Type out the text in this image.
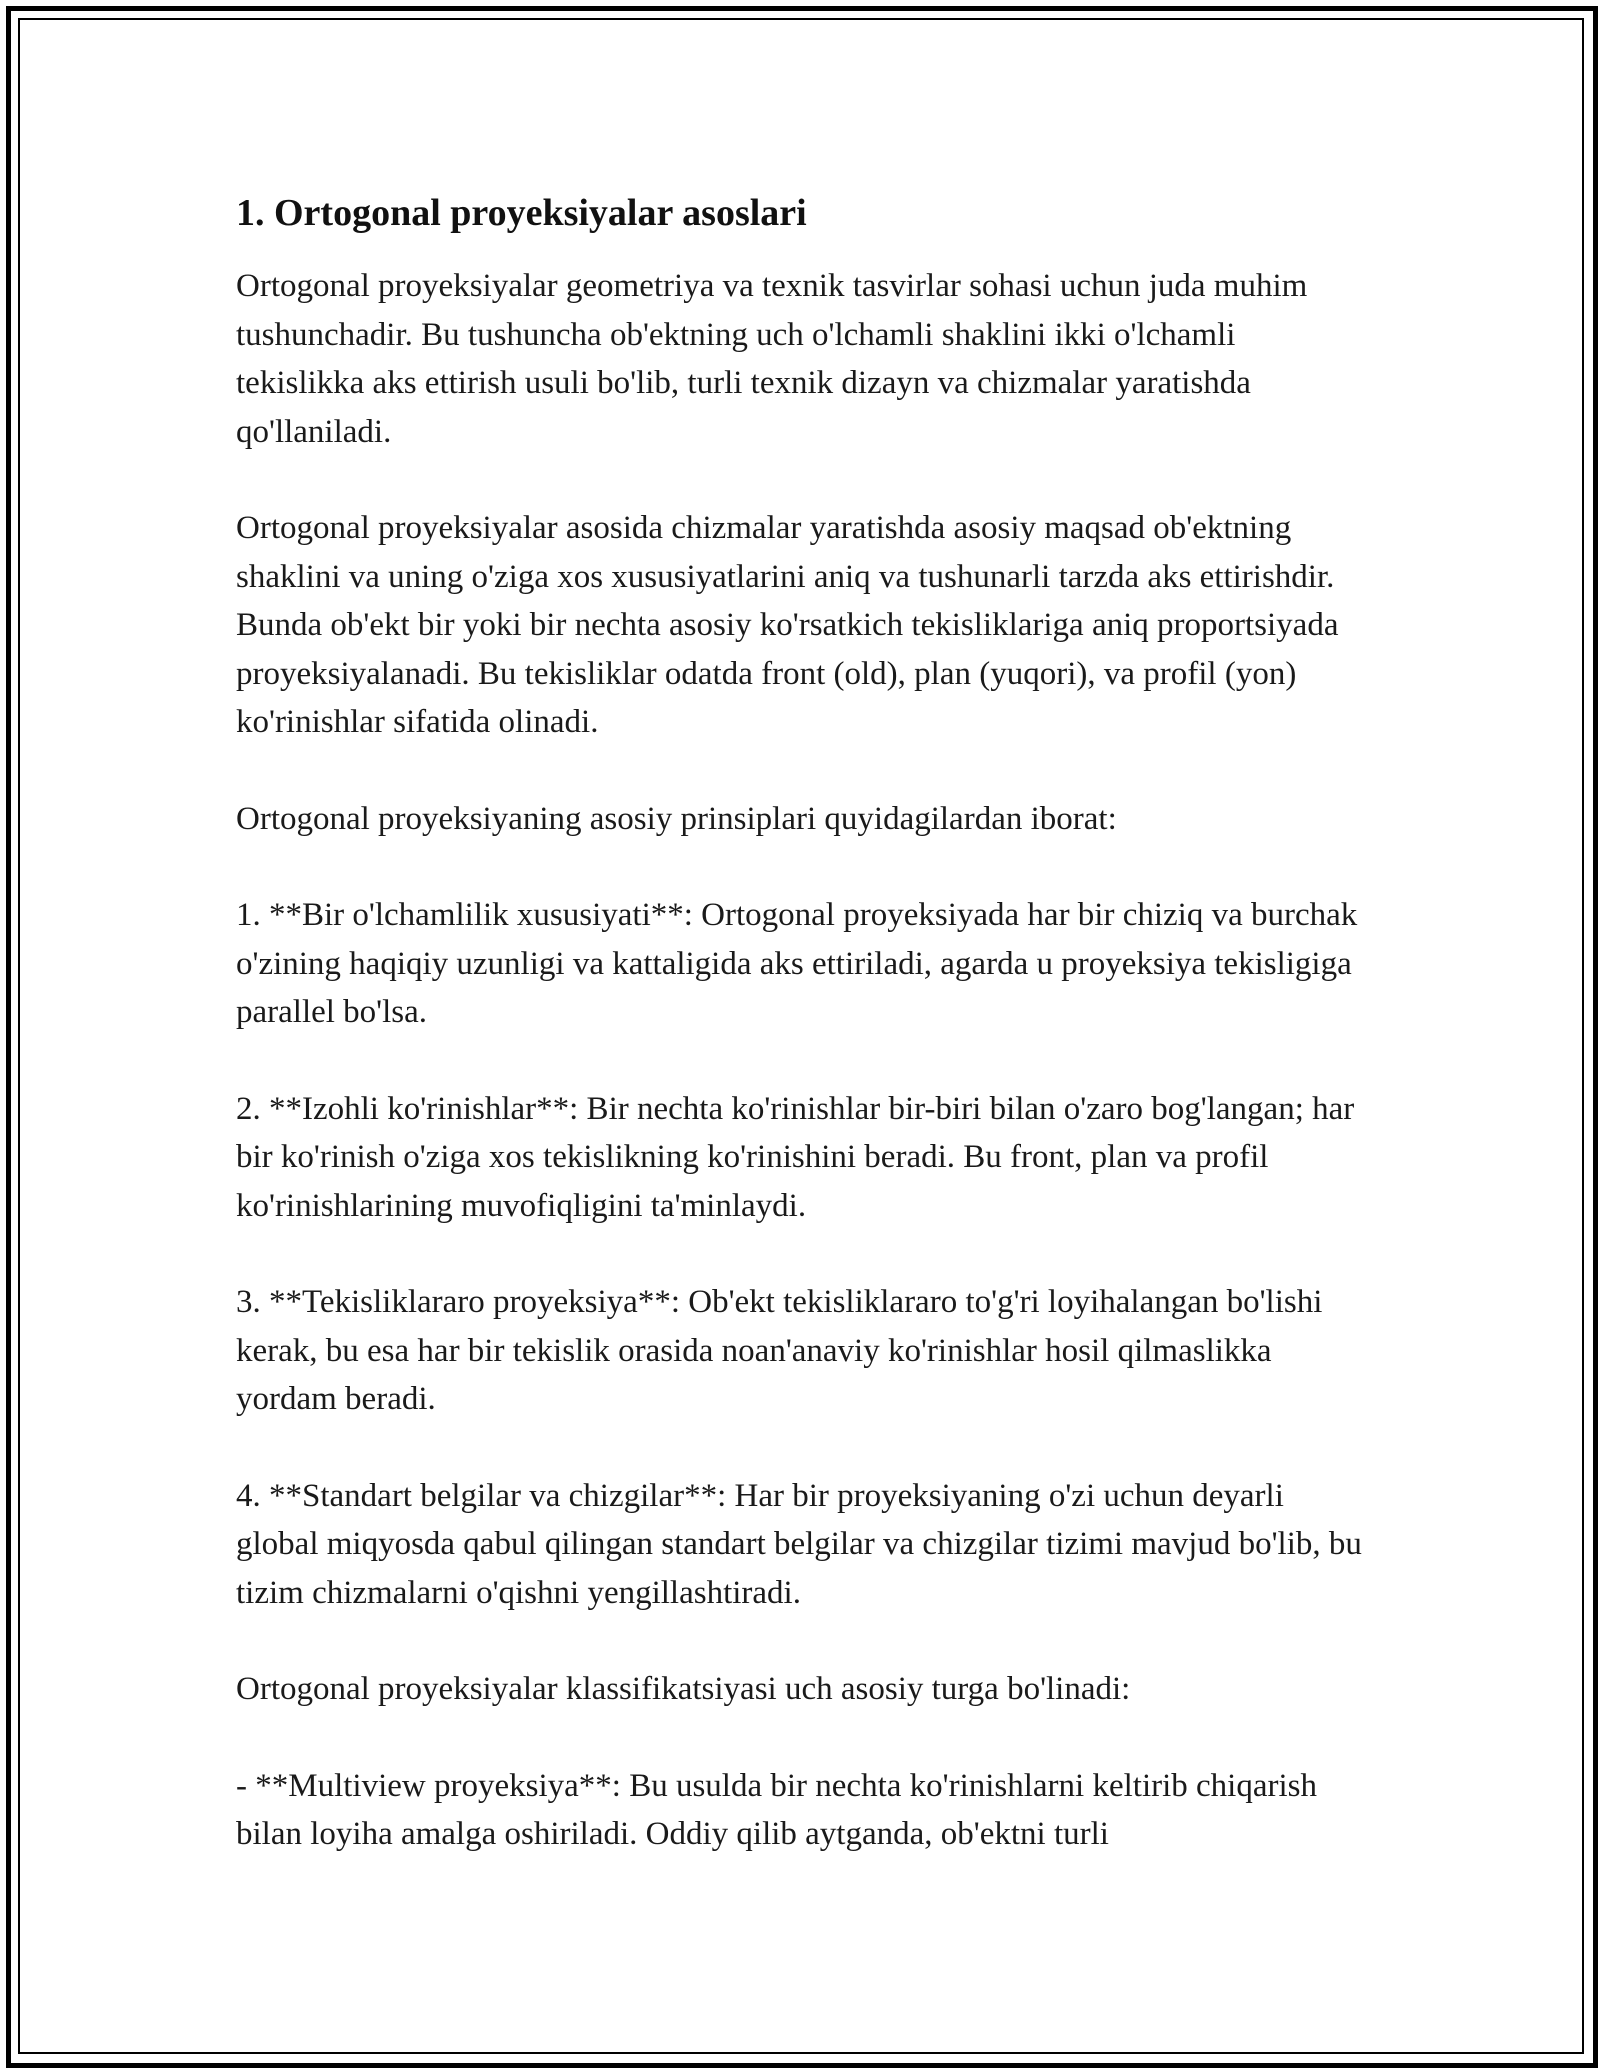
1. Ortogonal proyeksiyalar asoslari

Ortogonal proyeksiyalar geometriya va texnik tasvirlar sohasi uchun juda muhim tushunchadir. Bu tushuncha ob'ektning uch o'lchamli shaklini ikki o'lchamli tekislikka aks ettirish usuli bo'lib, turli texnik dizayn va chizmalar yaratishda qo'llaniladi.

Ortogonal proyeksiyalar asosida chizmalar yaratishda asosiy maqsad ob'ektning shaklini va uning o'ziga xos xususiyatlarini aniq va tushunarli tarzda aks ettirishdir. Bunda ob'ekt bir yoki bir nechta asosiy ko'rsatkich tekisliklariga aniq proportsiyada proyeksiyalanadi. Bu tekisliklar odatda front (old), plan (yuqori), va profil (yon) ko'rinishlar sifatida olinadi.

Ortogonal proyeksiyaning asosiy prinsiplari quyidagilardan iborat:

1. **Bir o'lchamlilik xususiyati**: Ortogonal proyeksiyada har bir chiziq va burchak o'zining haqiqiy uzunligi va kattaligida aks ettiriladi, agarda u proyeksiya tekisligiga parallel bo'lsa.

2. **Izohli ko'rinishlar**: Bir nechta ko'rinishlar bir-biri bilan o'zaro bog'langan; har bir ko'rinish o'ziga xos tekislikning ko'rinishini beradi. Bu front, plan va profil ko'rinishlarining muvofiqligini ta'minlaydi.

3. **Tekisliklararo proyeksiya**: Ob'ekt tekisliklararo to'g'ri loyihalangan bo'lishi kerak, bu esa har bir tekislik orasida noan'anaviy ko'rinishlar hosil qilmaslikka yordam beradi.

4. **Standart belgilar va chizgilar**: Har bir proyeksiyaning o'zi uchun deyarli global miqyosda qabul qilingan standart belgilar va chizgilar tizimi mavjud bo'lib, bu tizim chizmalarni o'qishni yengillashtiradi.

Ortogonal proyeksiyalar klassifikatsiyasi uch asosiy turga bo'linadi:

- **Multiview proyeksiya**: Bu usulda bir nechta ko'rinishlarni keltirib chiqarish bilan loyiha amalga oshiriladi. Oddiy qilib aytganda, ob'ektni turli
